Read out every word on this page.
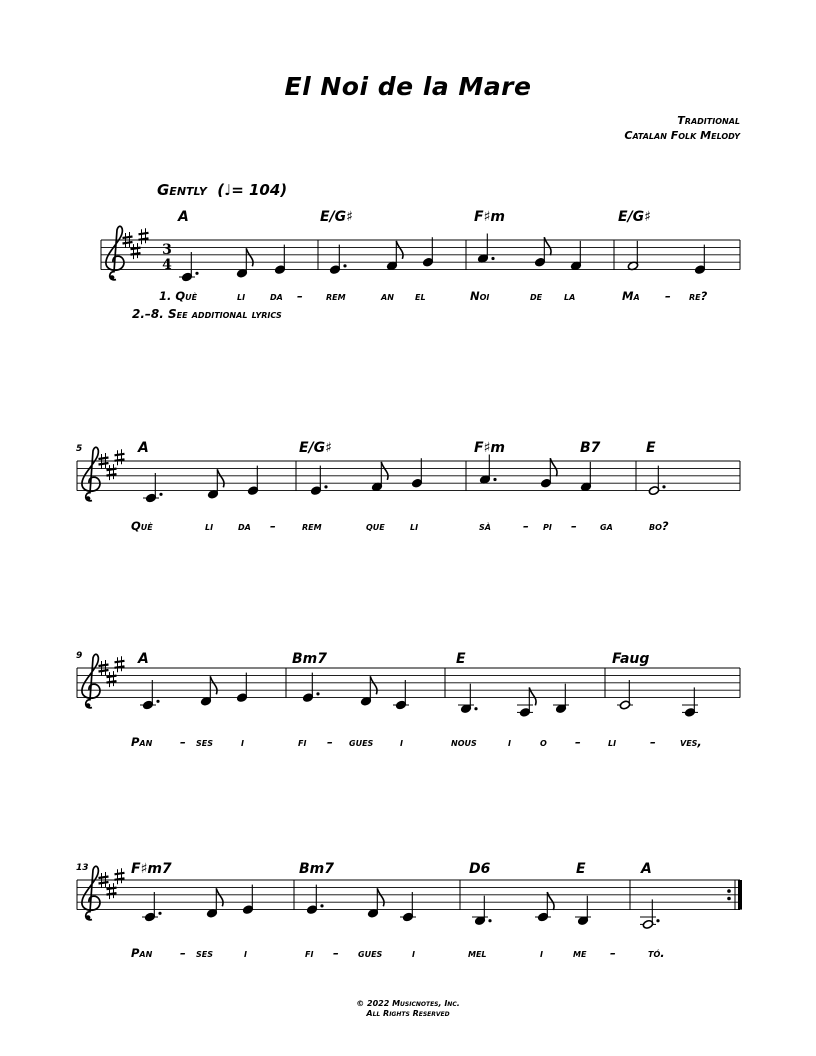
El Noi de la Mare
Traditional
Catalan Folk Melody
Gently  (♩= 104)
2.–8. See additional lyrics
3
4
A	E/G♯	F♯m	E/G♯
1. Què	li da – rem	an el	Noi	de la	Ma – re?
5	A	E/G♯	F♯m	B7	E
Què	li da – rem	que li	sà	– pi – ga	bo?
9	A	Bm7	E	Faug
Pan – ses i	fi – gues i	nous	i	o – li	– ves,
13	F♯m7	Bm7	D6	E	A
Pan – ses	i	fi – gues	i	mel	i	me –	tó.
© 2022 Musicnotes, Inc.
All Rights Reserved
